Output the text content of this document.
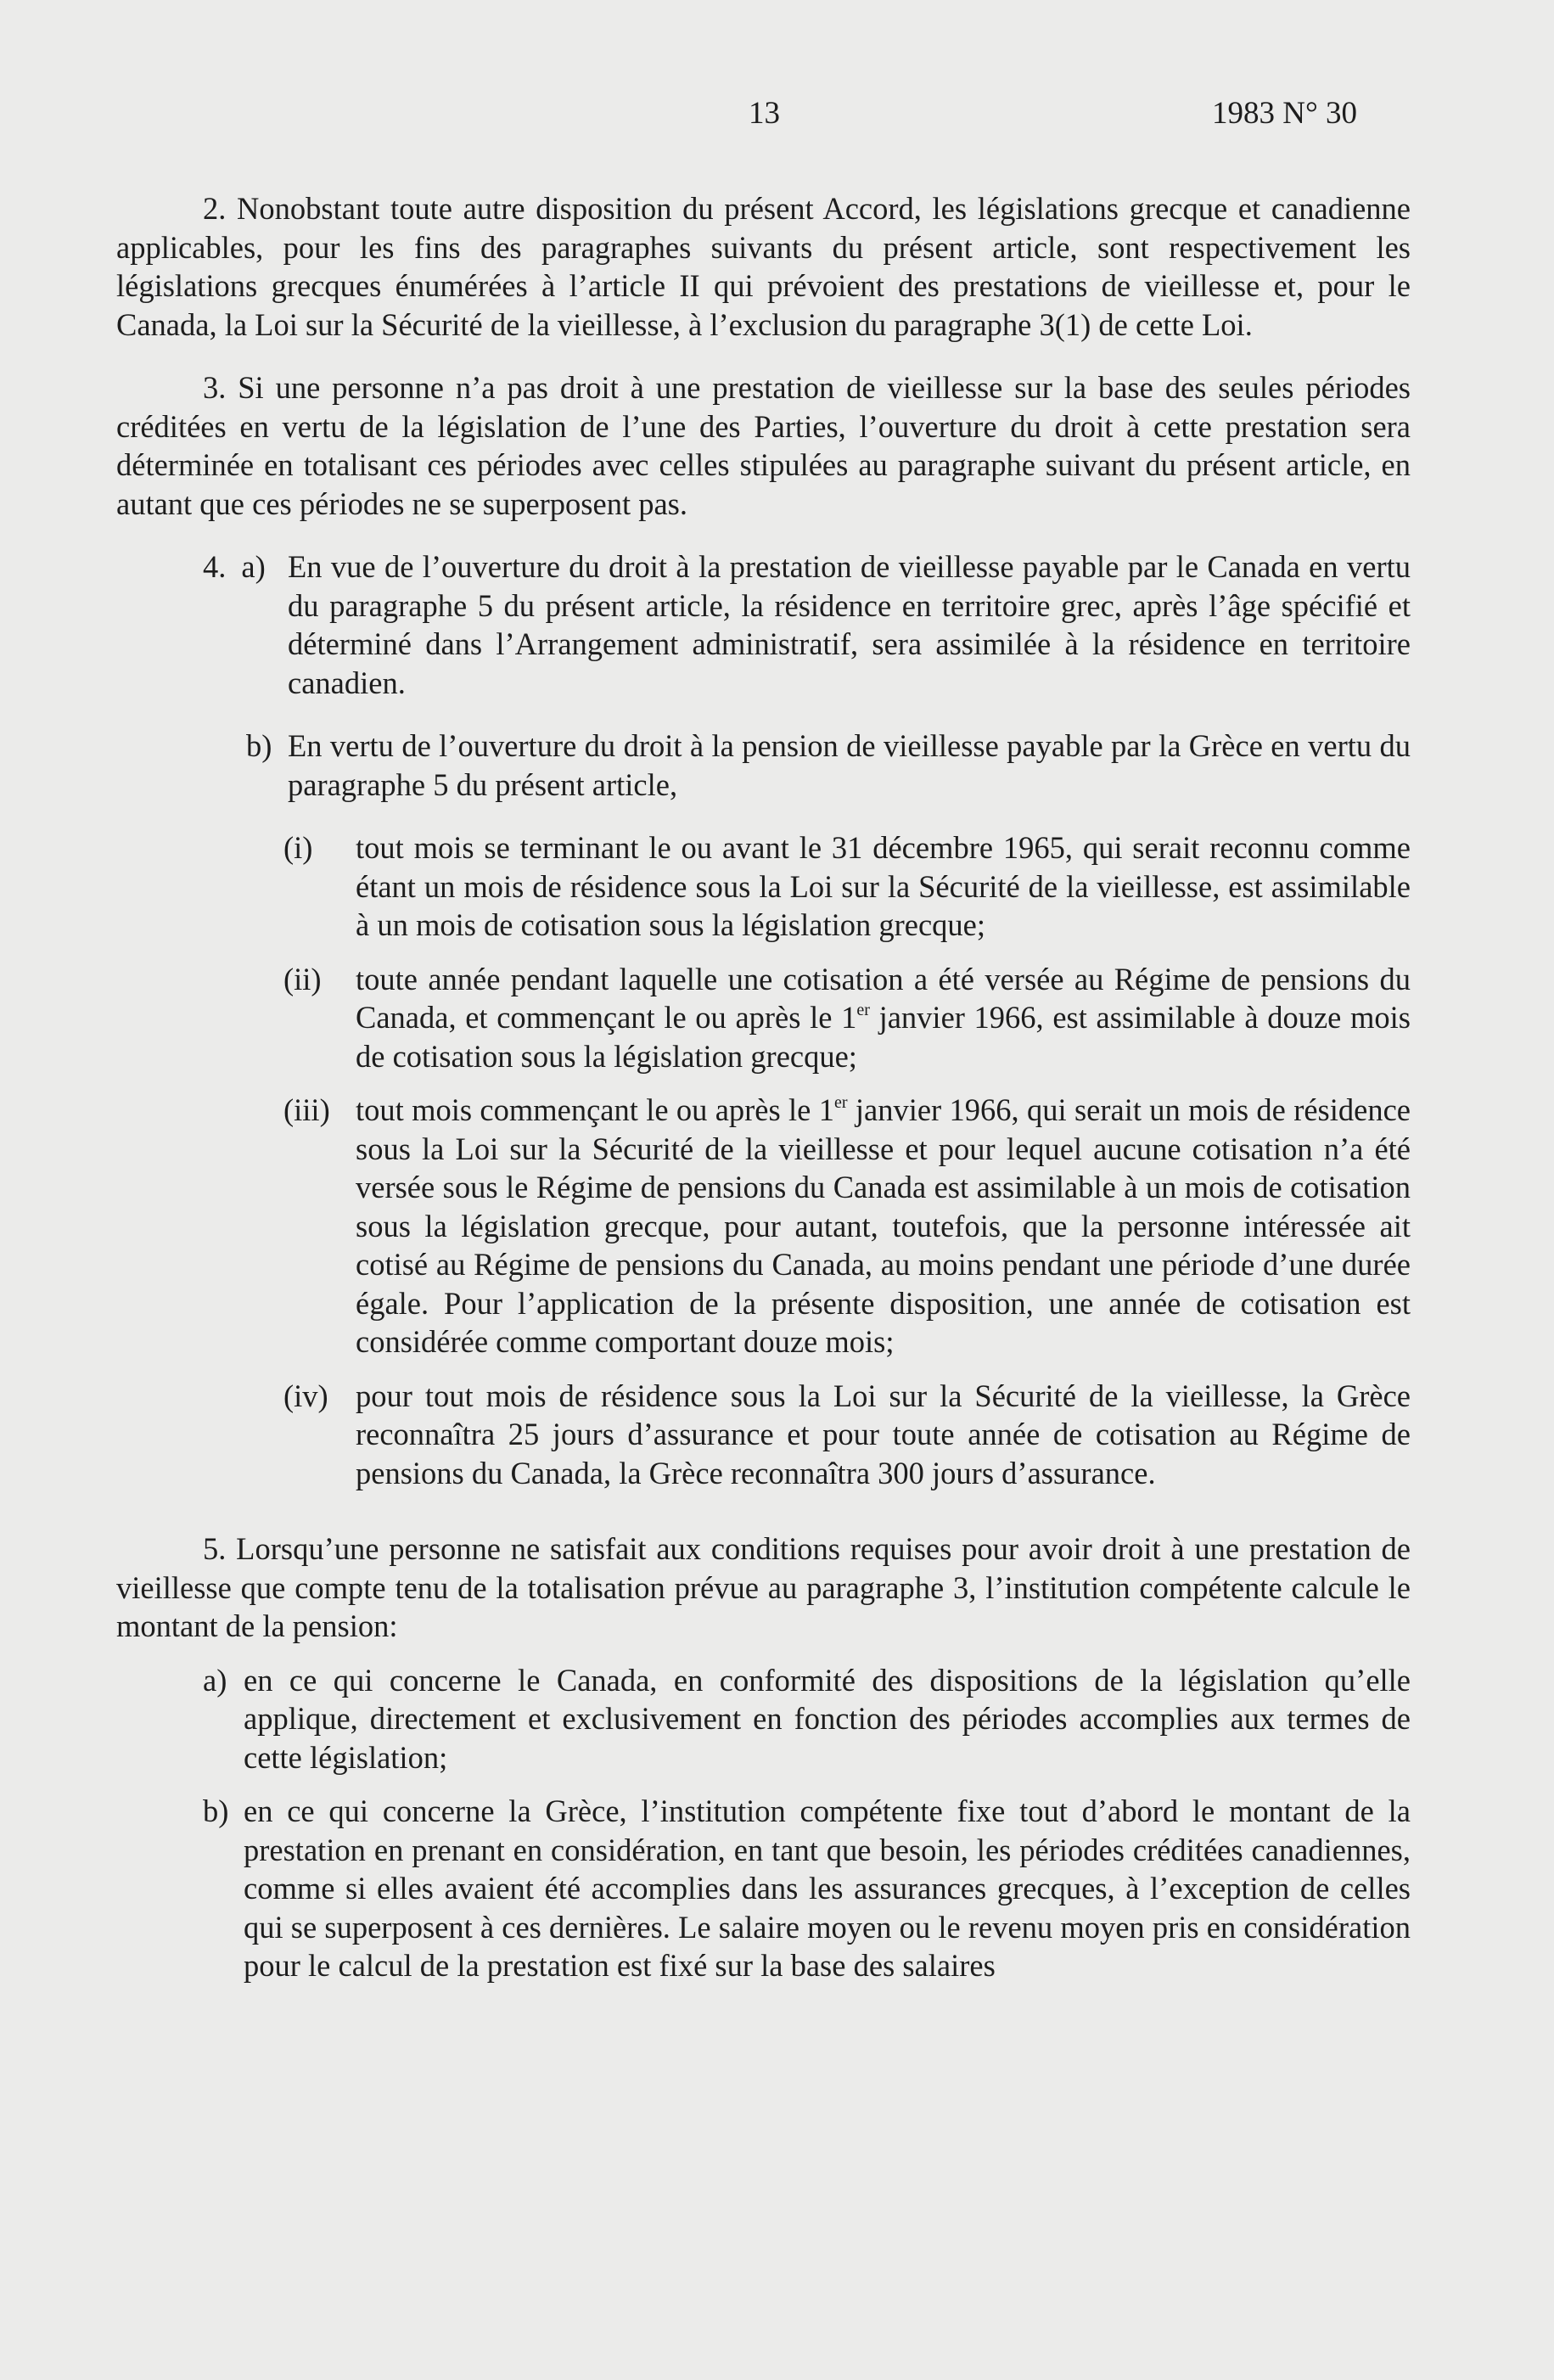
13	1983 N° 30

2. Nonobstant toute autre disposition du présent Accord, les législations grecque et canadienne applicables, pour les fins des paragraphes suivants du présent article, sont respectivement les législations grecques énumérées à l’article II qui prévoient des prestations de vieillesse et, pour le Canada, la Loi sur la Sécurité de la vieillesse, à l’exclusion du paragraphe 3(1) de cette Loi.

3. Si une personne n’a pas droit à une prestation de vieillesse sur la base des seules périodes créditées en vertu de la législation de l’une des Parties, l’ouverture du droit à cette prestation sera déterminée en totalisant ces périodes avec celles stipulées au paragraphe suivant du présent article, en autant que ces périodes ne se superposent pas.

4. a) En vue de l’ouverture du droit à la prestation de vieillesse payable par le Canada en vertu du paragraphe 5 du présent article, la résidence en territoire grec, après l’âge spécifié et déterminé dans l’Arrangement administratif, sera assimilée à la résidence en territoire canadien.
b) En vertu de l’ouverture du droit à la pension de vieillesse payable par la Grèce en vertu du paragraphe 5 du présent article,
(i)	tout mois se terminant le ou avant le 31 décembre 1965, qui serait reconnu comme étant un mois de résidence sous la Loi sur la Sécurité de la vieillesse, est assimilable à un mois de cotisation sous la législation grecque;
(ii)	toute année pendant laquelle une cotisation a été versée au Régime de pensions du Canada, et commençant le ou après le 1er janvier 1966, est assimilable à douze mois de cotisation sous la législation grecque;
(iii) tout mois commençant le ou après le 1er janvier 1966, qui serait un mois de résidence sous la Loi sur la Sécurité de la vieillesse et pour lequel aucune cotisation n’a été versée sous le Régime de pensions du Canada est assimilable à un mois de cotisation sous la législation grecque, pour autant, toutefois, que la personne intéressée ait cotisé au Régime de pensions du Canada, au moins pendant une période d’une durée égale. Pour l’application de la présente disposition, une année de cotisation est considérée comme comportant douze mois;
(iv) pour tout mois de résidence sous la Loi sur la Sécurité de la vieillesse, la Grèce reconnaîtra 25 jours d’assurance et pour toute année de cotisation au Régime de pensions du Canada, la Grèce reconnaîtra 300 jours d’assurance.

5. Lorsqu’une personne ne satisfait aux conditions requises pour avoir droit à une prestation de vieillesse que compte tenu de la totalisation prévue au paragraphe 3, l’institution compétente calcule le montant de la pension:

a) en ce qui concerne le Canada, en conformité des dispositions de la législation qu’elle applique, directement et exclusivement en fonction des périodes accomplies aux termes de cette législation;
b) en ce qui concerne la Grèce, l’institution compétente fixe tout d’abord le montant de la prestation en prenant en considération, en tant que besoin, les périodes créditées canadiennes, comme si elles avaient été accomplies dans les assurances grecques, à l’exception de celles qui se superposent à ces dernières. Le salaire moyen ou le revenu moyen pris en considération pour le calcul de la prestation est fixé sur la base des salaires
